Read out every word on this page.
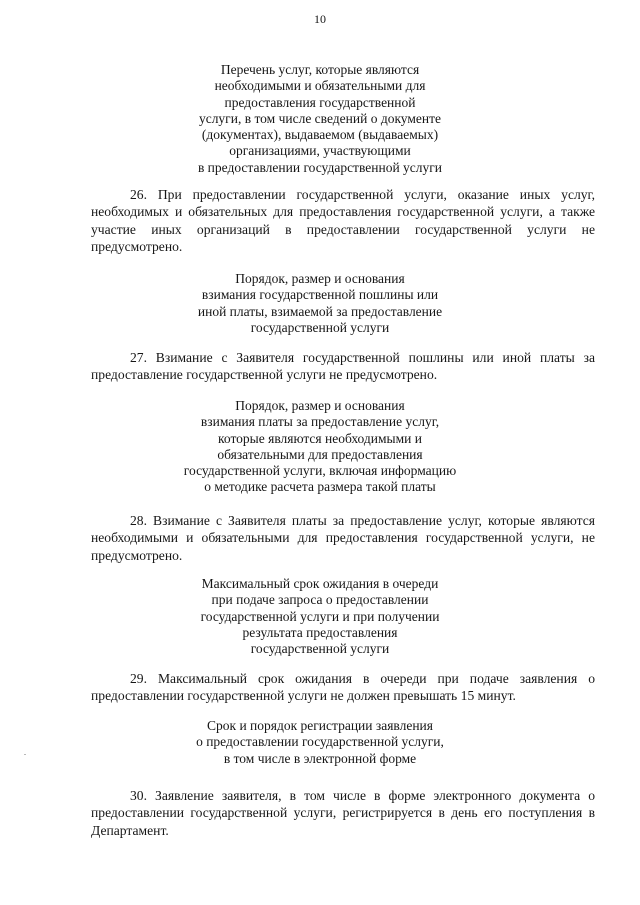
10
Перечень услуг, которые являются
необходимыми и обязательными для
предоставления государственной
услуги, в том числе сведений о документе
(документах), выдаваемом (выдаваемых)
организациями, участвующими
в предоставлении государственной услуги
26. При предоставлении государственной услуги, оказание иных услуг,
необходимых и обязательных для предоставления государственной услуги, а также
участие иных организаций в предоставлении государственной услуги не
предусмотрено.
Порядок, размер и основания
взимания государственной пошлины или
иной платы, взимаемой за предоставление
государственной услуги
27. Взимание с Заявителя государственной пошлины или иной платы за
предоставление государственной услуги не предусмотрено.
Порядок, размер и основания
взимания платы за предоставление услуг,
которые являются необходимыми и
обязательными для предоставления
государственной услуги, включая информацию
о методике расчета размера такой платы
28. Взимание с Заявителя платы за предоставление услуг, которые являются
необходимыми и обязательными для предоставления государственной услуги, не
предусмотрено.
Максимальный срок ожидания в очереди
при подаче запроса о предоставлении
государственной услуги и при получении
результата предоставления
государственной услуги
29. Максимальный срок ожидания в очереди при подаче заявления о
предоставлении государственной услуги не должен превышать 15 минут.
Срок и порядок регистрации заявления
о предоставлении государственной услуги,
в том числе в электронной форме
30. Заявление заявителя, в том числе в форме электронного документа о
предоставлении государственной услуги, регистрируется в день его поступления в
Департамент.
